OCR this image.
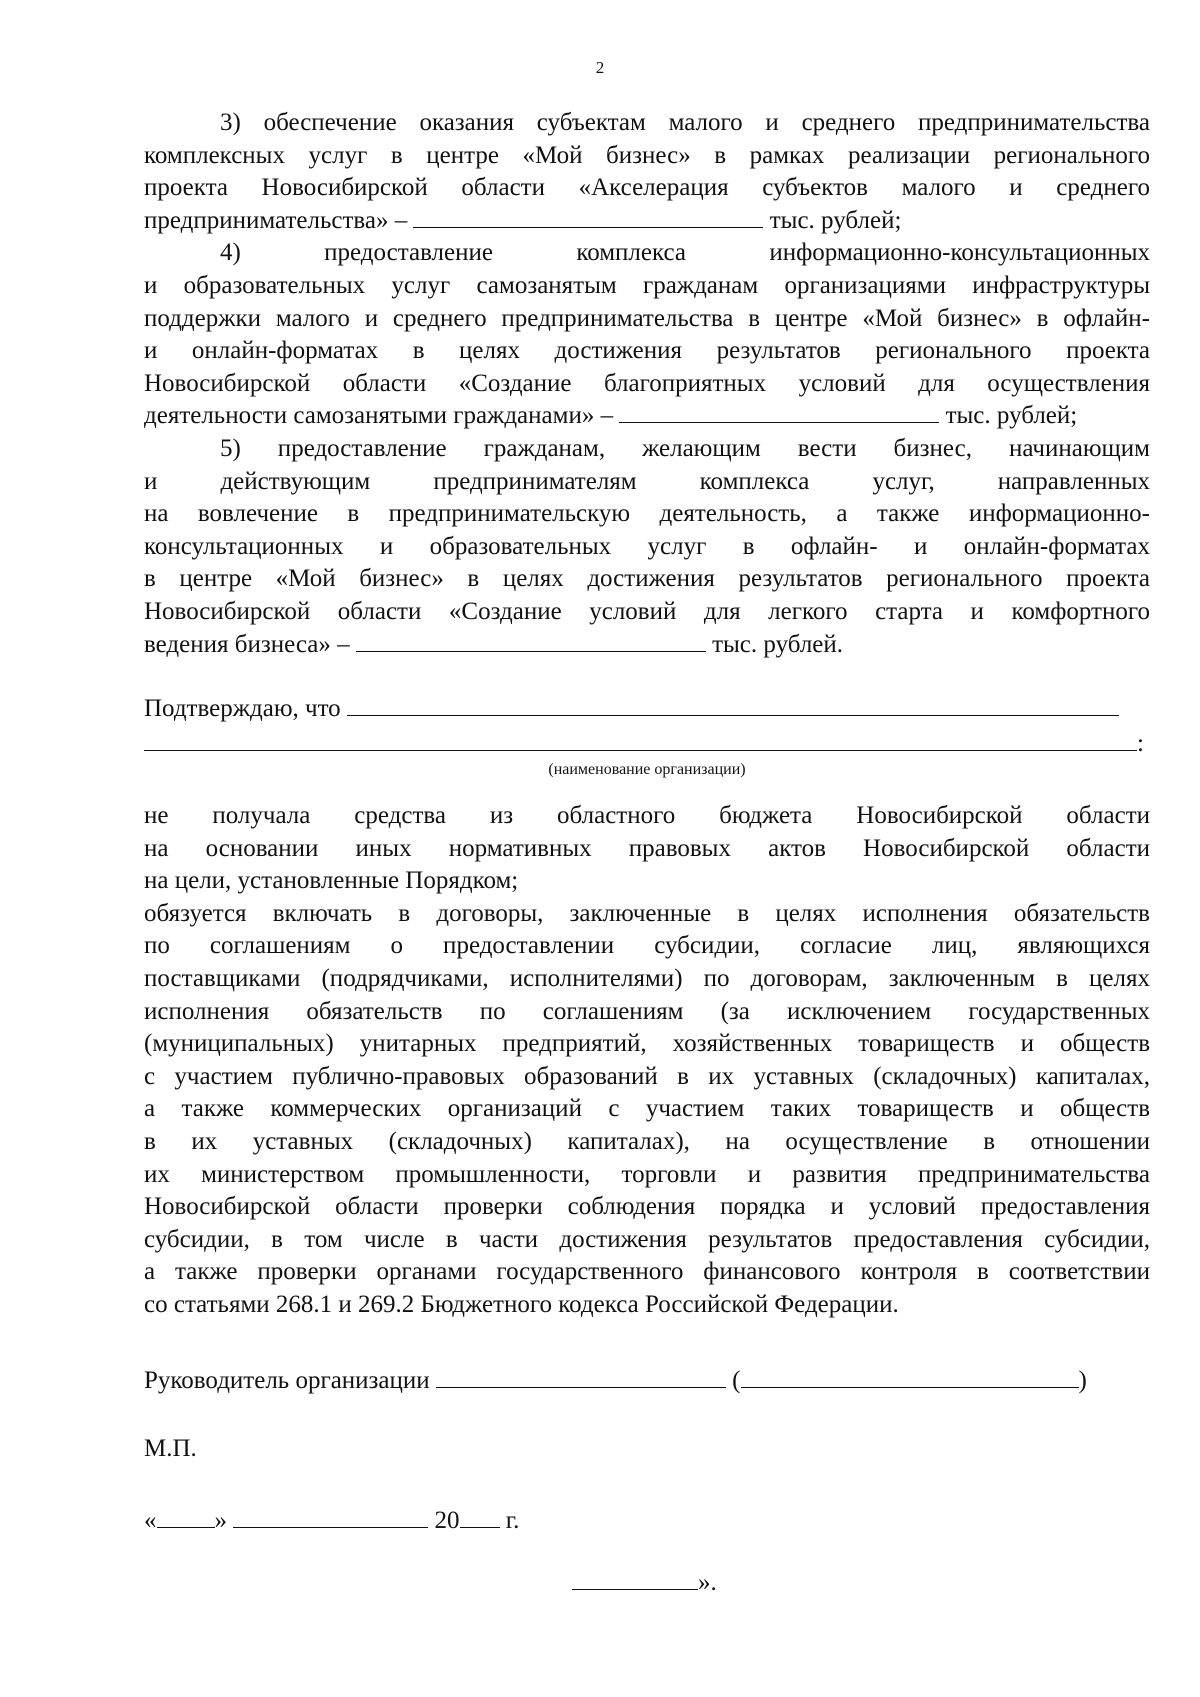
2

3) обеспечение оказания субъектам малого и среднего предпринимательства

комплексных услуг в центре «Мой бизнес» в рамках реализации регионального

проекта Новосибирской области «Акселерация субъектов малого и среднего

предпринимательства» –	тыс. рублей;

4) предоставление комплекса информационно-консультационных

и образовательных услуг самозанятым гражданам организациями инфраструктуры

поддержки малого и среднего предпринимательства в центре «Мой бизнес» в офлайн-

и онлайн-форматах в целях достижения результатов регионального проекта

Новосибирской области «Создание благоприятных условий для осуществления

деятельности самозанятыми гражданами» –	тыс. рублей;

5) предоставление гражданам, желающим вести бизнес, начинающим

и действующим предпринимателям комплекса услуг, направленных

на вовлечение в предпринимательскую деятельность, а также информационно-

консультационных и образовательных услуг в офлайн- и онлайн-форматах

в центре «Мой бизнес» в целях достижения результатов регионального проекта

Новосибирской области «Создание условий для легкого старта и комфортного

ведения бизнеса» –	тыс. рублей.

Подтверждаю, что
:
(наименование организации)

не получала средства из областного бюджета Новосибирской области

на основании иных нормативных правовых актов Новосибирской области

на цели, установленные Порядком;

обязуется включать в договоры, заключенные в целях исполнения обязательств

по соглашениям о предоставлении субсидии, согласие лиц, являющихся

поставщиками (подрядчиками, исполнителями) по договорам, заключенным в целях

исполнения обязательств по соглашениям (за исключением государственных

(муниципальных) унитарных предприятий, хозяйственных товариществ и обществ

с участием публично-правовых образований в их уставных (складочных) капиталах,

а также коммерческих организаций с участием таких товариществ и обществ

в их уставных (складочных) капиталах), на осуществление в отношении

их министерством промышленности, торговли и развития предпринимательства

Новосибирской области проверки соблюдения порядка и условий предоставления

субсидии, в том числе в части достижения результатов предоставления субсидии,

а также проверки органами государственного финансового контроля в соответствии

со статьями 268.1 и 269.2 Бюджетного кодекса Российской Федерации.

Руководитель организации	(	)
М.П.
« »	20 г.
».
